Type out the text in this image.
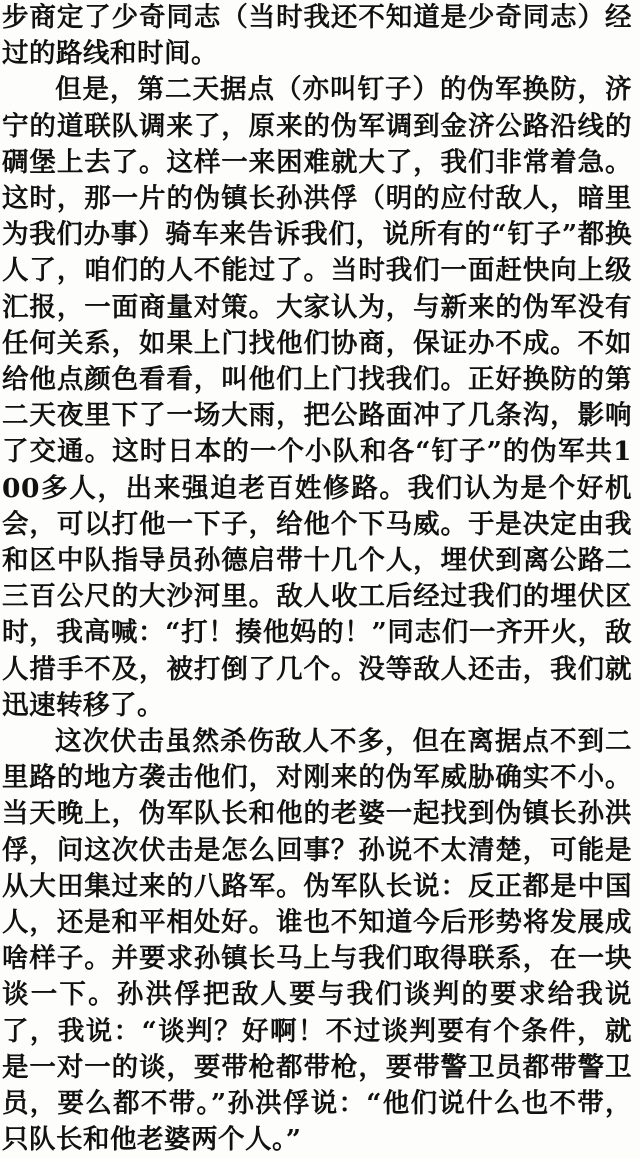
步商定了少奇同志（当时我还不知道是少奇同志）经过的路线和时间。

但是，第二天据点（亦叫钉子）的伪军换防，济宁的道联队调来了，原来的伪军调到金济公路沿线的碉堡上去了。这样一来困难就大了，我们非常着急。这时，那一片的伪镇长孙洪俘（明的应付敌人，暗里为我们办事）骑车来告诉我们，说所有的“钉子”都换人了，咱们的人不能过了。当时我们一面赶快向上级汇报，一面商量对策。大家认为，与新来的伪军没有任何关系，如果上门找他们协商，保证办不成。不如给他点颜色看看，叫他们上门找我们。正好换防的第二天夜里下了一场大雨，把公路面冲了几条沟，影响了交通。这时日本的一个小队和各“钉子”的伪军共100多人，出来强迫老百姓修路。我们认为是个好机会，可以打他一下子，给他个下马威。于是决定由我和区中队指导员孙德启带十几个人，埋伏到离公路二三百公尺的大沙河里。敌人收工后经过我们的埋伏区时，我高喊：“打！揍他妈的！”同志们一齐开火，敌人措手不及，被打倒了几个。没等敌人还击，我们就迅速转移了。

这次伏击虽然杀伤敌人不多，但在离据点不到二里路的地方袭击他们，对刚来的伪军威胁确实不小。当天晚上，伪军队长和他的老婆一起找到伪镇长孙洪俘，问这次伏击是怎么回事？孙说不太清楚，可能是从大田集过来的八路军。伪军队长说：反正都是中国人，还是和平相处好。谁也不知道今后形势将发展成啥样子。并要求孙镇长马上与我们取得联系，在一块谈一下。孙洪俘把敌人要与我们谈判的要求给我说了，我说：“谈判？好啊！不过谈判要有个条件，就是一对一的谈，要带枪都带枪，要带警卫员都带警卫员，要么都不带。”孙洪俘说：“他们说什么也不带，只队长和他老婆两个人。”
